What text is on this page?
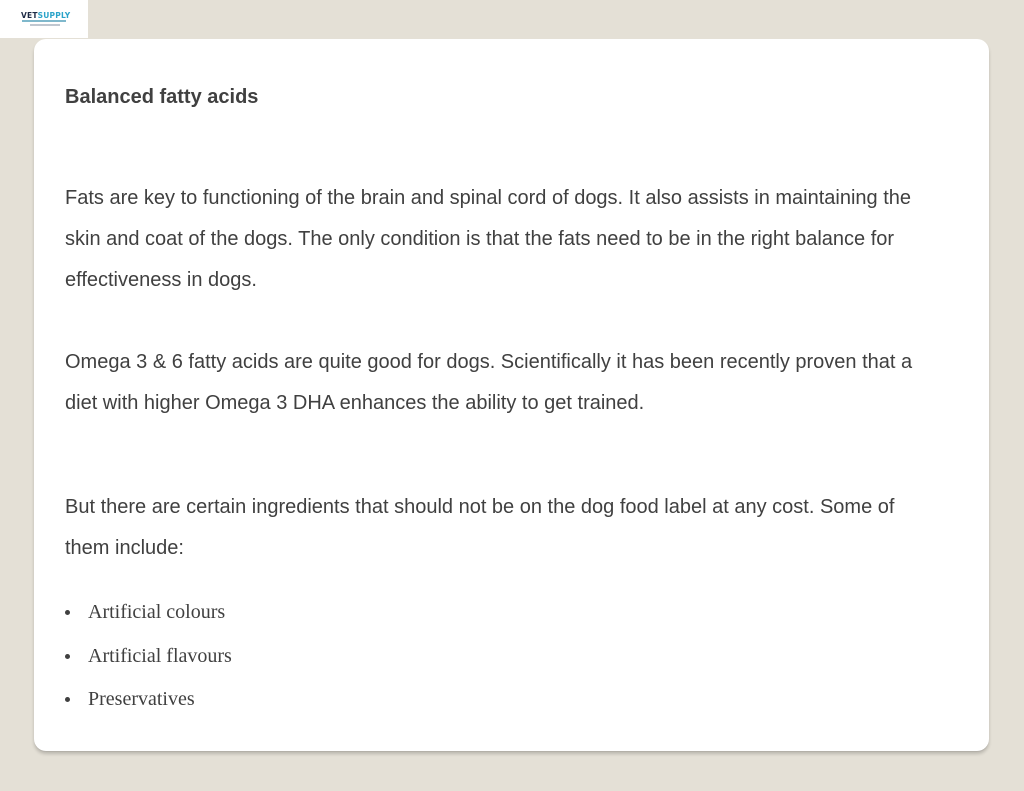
VETSUPPLY
Balanced fatty acids

Fats are key to functioning of the brain and spinal cord of dogs. It also assists in maintaining the skin and coat of the dogs. The only condition is that the fats need to be in the right balance for effectiveness in dogs.

Omega 3 & 6 fatty acids are quite good for dogs. Scientifically it has been recently proven that a diet with higher Omega 3 DHA enhances the ability to get trained.

But there are certain ingredients that should not be on the dog food label at any cost. Some of them include:

Artificial colours
Artificial flavours
Preservatives
